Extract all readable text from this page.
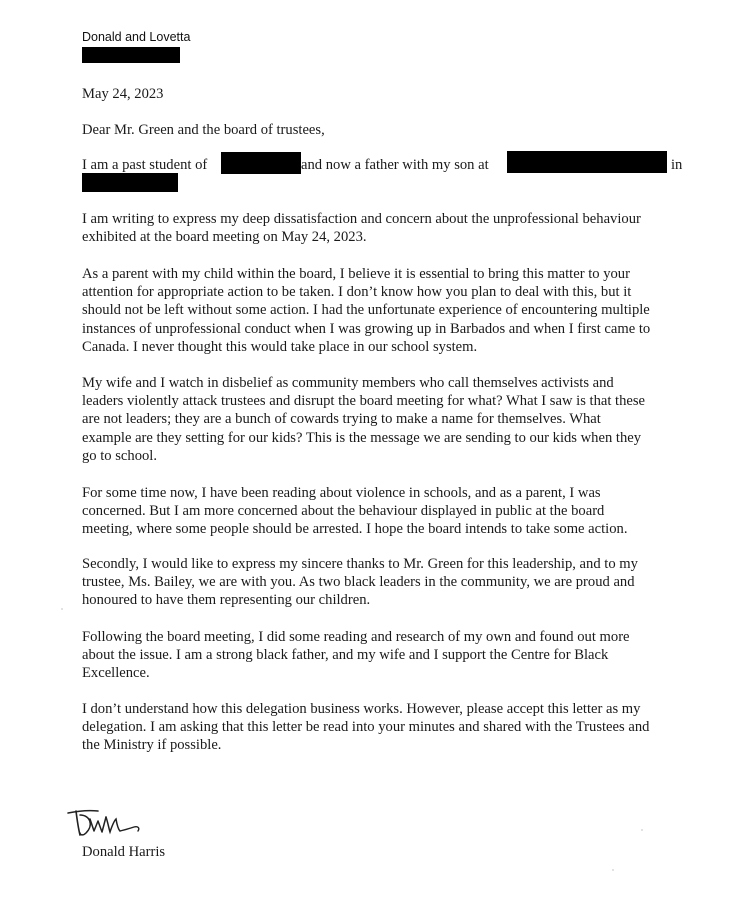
Donald and Lovetta
May 24, 2023
Dear Mr. Green and the board of trustees,
I am a past student of	and now a father with my son at	in
I am writing to express my deep dissatisfaction and concern about the unprofessional behaviour
exhibited at the board meeting on May 24, 2023.
As a parent with my child within the board, I believe it is essential to bring this matter to your
attention for appropriate action to be taken. I don’t know how you plan to deal with this, but it
should not be left without some action. I had the unfortunate experience of encountering multiple
instances of unprofessional conduct when I was growing up in Barbados and when I first came to
Canada. I never thought this would take place in our school system.
My wife and I watch in disbelief as community members who call themselves activists and
leaders violently attack trustees and disrupt the board meeting for what? What I saw is that these
are not leaders; they are a bunch of cowards trying to make a name for themselves. What
example are they setting for our kids? This is the message we are sending to our kids when they
go to school.
For some time now, I have been reading about violence in schools, and as a parent, I was
concerned. But I am more concerned about the behaviour displayed in public at the board
meeting, where some people should be arrested. I hope the board intends to take some action.
Secondly, I would like to express my sincere thanks to Mr. Green for this leadership, and to my
trustee, Ms. Bailey, we are with you. As two black leaders in the community, we are proud and
honoured to have them representing our children.
Following the board meeting, I did some reading and research of my own and found out more
about the issue. I am a strong black father, and my wife and I support the Centre for Black
Excellence.
I don’t understand how this delegation business works. However, please accept this letter as my
delegation. I am asking that this letter be read into your minutes and shared with the Trustees and
the Ministry if possible.
Donald Harris
